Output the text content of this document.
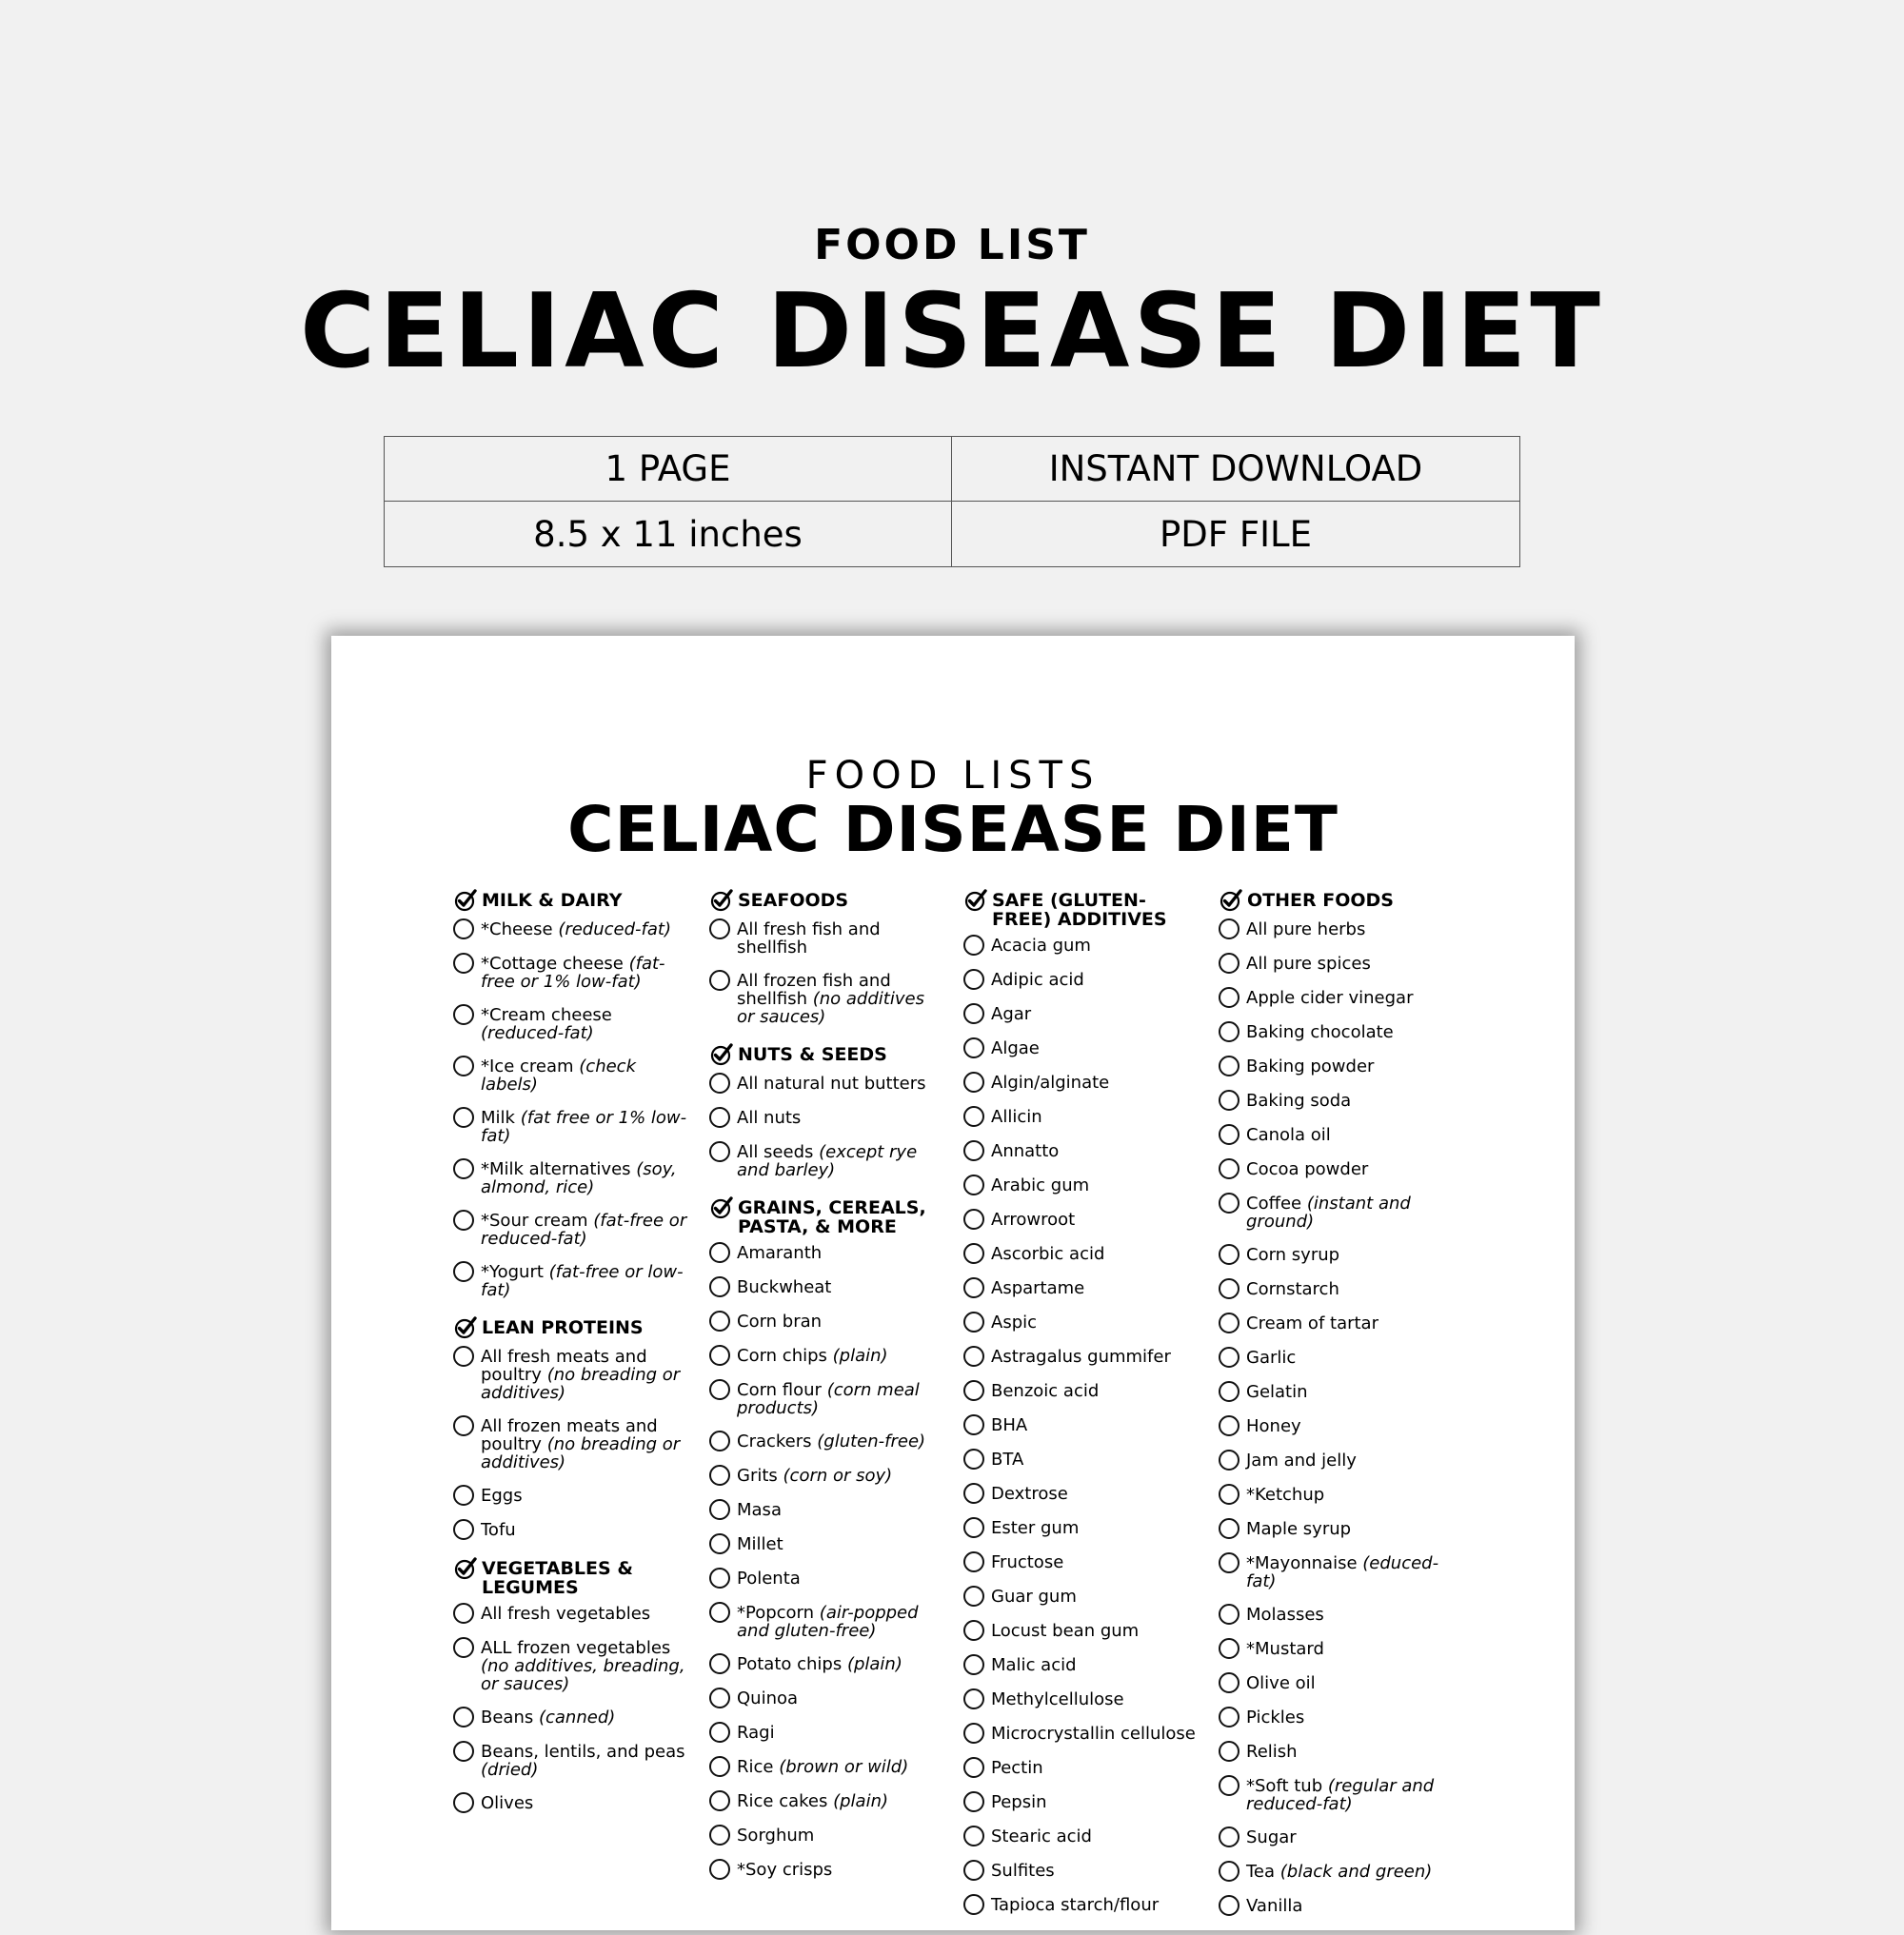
FOOD LIST
CELIAC DISEASE DIET
1 PAGE	INSTANT DOWNLOAD
8.5 x 11 inches	PDF FILE
FOOD LISTS
CELIAC DISEASE DIET
MILK & DAIRY
*Cheese (reduced-fat)
*Cottage cheese (fat-free or 1% low-fat)
*Cream cheese (reduced-fat)
*Ice cream (check labels)
Milk (fat free or 1% low-fat)
*Milk alternatives (soy, almond, rice)
*Sour cream (fat-free or reduced-fat)
*Yogurt (fat-free or low-fat)
LEAN PROTEINS
All fresh meats and poultry (no breading or additives)
All frozen meats and poultry (no breading or additives)
Eggs
Tofu
VEGETABLES & LEGUMES
All fresh vegetables
ALL frozen vegetables (no additives, breading, or sauces)
Beans (canned)
Beans, lentils, and peas (dried)
Olives
SEAFOODS
All fresh fish and shellfish
All frozen fish and shellfish (no additives or sauces)
NUTS & SEEDS
All natural nut butters
All nuts
All seeds (except rye and barley)
GRAINS, CEREALS, PASTA, & MORE
Amaranth
Buckwheat
Corn bran
Corn chips (plain)
Corn flour (corn meal products)
Crackers (gluten-free)
Grits (corn or soy)
Masa
Millet
Polenta
*Popcorn (air-popped and gluten-free)
Potato chips (plain)
Quinoa
Ragi
Rice (brown or wild)
Rice cakes (plain)
Sorghum
*Soy crisps
SAFE (GLUTEN-FREE) ADDITIVES
Acacia gum
Adipic acid
Agar
Algae
Algin/alginate
Allicin
Annatto
Arabic gum
Arrowroot
Ascorbic acid
Aspartame
Aspic
Astragalus gummifer
Benzoic acid
BHA
BTA
Dextrose
Ester gum
Fructose
Guar gum
Locust bean gum
Malic acid
Methylcellulose
Microcrystallin cellulose
Pectin
Pepsin
Stearic acid
Sulfites
Tapioca starch/flour
OTHER FOODS
All pure herbs
All pure spices
Apple cider vinegar
Baking chocolate
Baking powder
Baking soda
Canola oil
Cocoa powder
Coffee (instant and ground)
Corn syrup
Cornstarch
Cream of tartar
Garlic
Gelatin
Honey
Jam and jelly
*Ketchup
Maple syrup
*Mayonnaise (educed-fat)
Molasses
*Mustard
Olive oil
Pickles
Relish
*Soft tub (regular and reduced-fat)
Sugar
Tea (black and green)
Vanilla
